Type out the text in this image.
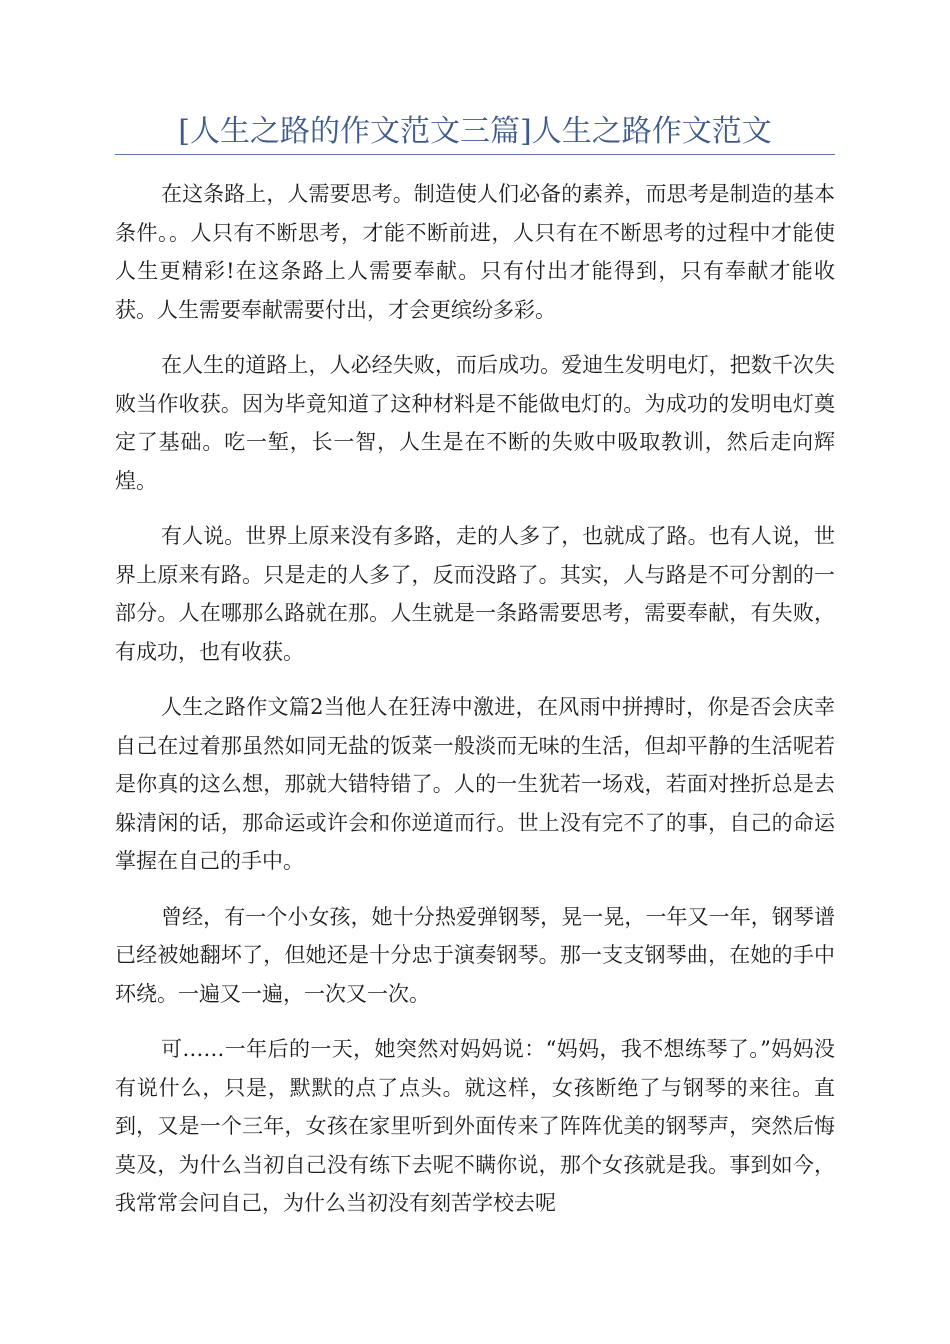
[人生之路的作文范文三篇]人生之路作文范文

在这条路上，人需要思考。制造使人们必备的素养，而思考是制造的基本条件。。人只有不断思考，才能不断前进，人只有在不断思考的过程中才能使人生更精彩!在这条路上人需要奉献。只有付出才能得到，只有奉献才能收获。人生需要奉献需要付出，才会更缤纷多彩。

在人生的道路上，人必经失败，而后成功。爱迪生发明电灯，把数千次失败当作收获。因为毕竟知道了这种材料是不能做电灯的。为成功的发明电灯奠定了基础。吃一堑，长一智，人生是在不断的失败中吸取教训，然后走向辉煌。

有人说。世界上原来没有多路，走的人多了，也就成了路。也有人说，世界上原来有路。只是走的人多了，反而没路了。其实，人与路是不可分割的一部分。人在哪那么路就在那。人生就是一条路需要思考，需要奉献，有失败，有成功，也有收获。

人生之路作文篇2当他人在狂涛中激进，在风雨中拼搏时，你是否会庆幸自己在过着那虽然如同无盐的饭菜一般淡而无味的生活，但却平静的生活呢若是你真的这么想，那就大错特错了。人的一生犹若一场戏，若面对挫折总是去躲清闲的话，那命运或许会和你逆道而行。世上没有完不了的事，自己的命运掌握在自己的手中。

曾经，有一个小女孩，她十分热爱弹钢琴，晃一晃，一年又一年，钢琴谱已经被她翻坏了，但她还是十分忠于演奏钢琴。那一支支钢琴曲，在她的手中环绕。一遍又一遍，一次又一次。

可……一年后的一天，她突然对妈妈说：“妈妈，我不想练琴了。”妈妈没有说什么，只是，默默的点了点头。就这样，女孩断绝了与钢琴的来往。直到，又是一个三年，女孩在家里听到外面传来了阵阵优美的钢琴声，突然后悔莫及，为什么当初自己没有练下去呢不瞒你说，那个女孩就是我。事到如今，我常常会问自己，为什么当初没有刻苦学校去呢
